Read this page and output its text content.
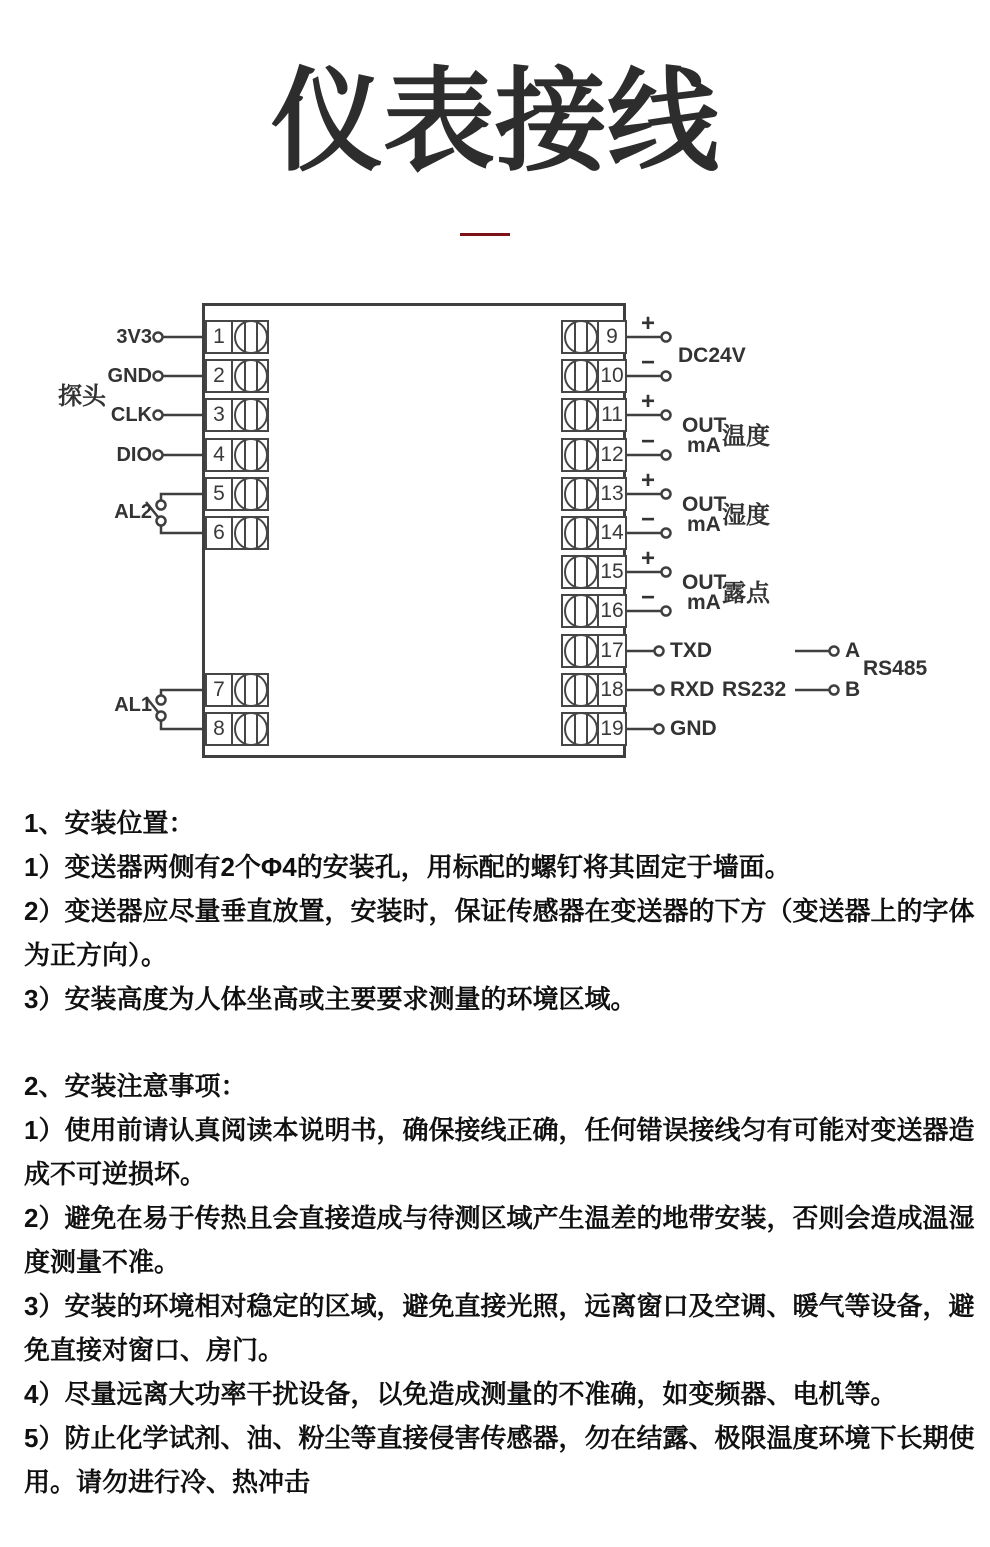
仪表接线
1
2
3
4
5
6
7
8
9
10
11
12
13
14
15
16
17
18
19
3V3
GND
CLK
DIO
探头
AL2
AL1
+
−
+
−
+
−
+
−
DC24V
OUT
mA 温度
OUT
mA 湿度
OUT
mA 露点
TXD
RXD RS232
GND
A
B
RS485
1、安装位置：
1）变送器两侧有2个Φ4的安装孔，用标配的螺钉将其固定于墙面。
2）变送器应尽量垂直放置，安装时，保证传感器在变送器的下方（变送器上的字体
为正方向）。
3）安装高度为人体坐高或主要要求测量的环境区域。
2、安装注意事项：
1）使用前请认真阅读本说明书，确保接线正确，任何错误接线匀有可能对变送器造
成不可逆损坏。
2）避免在易于传热且会直接造成与待测区域产生温差的地带安装，否则会造成温湿
度测量不准。
3）安装的环境相对稳定的区域，避免直接光照，远离窗口及空调、暖气等设备，避
免直接对窗口、房门。
4）尽量远离大功率干扰设备，以免造成测量的不准确，如变频器、电机等。
5）防止化学试剂、油、粉尘等直接侵害传感器，勿在结露、极限温度环境下长期使
用。请勿进行冷、热冲击
